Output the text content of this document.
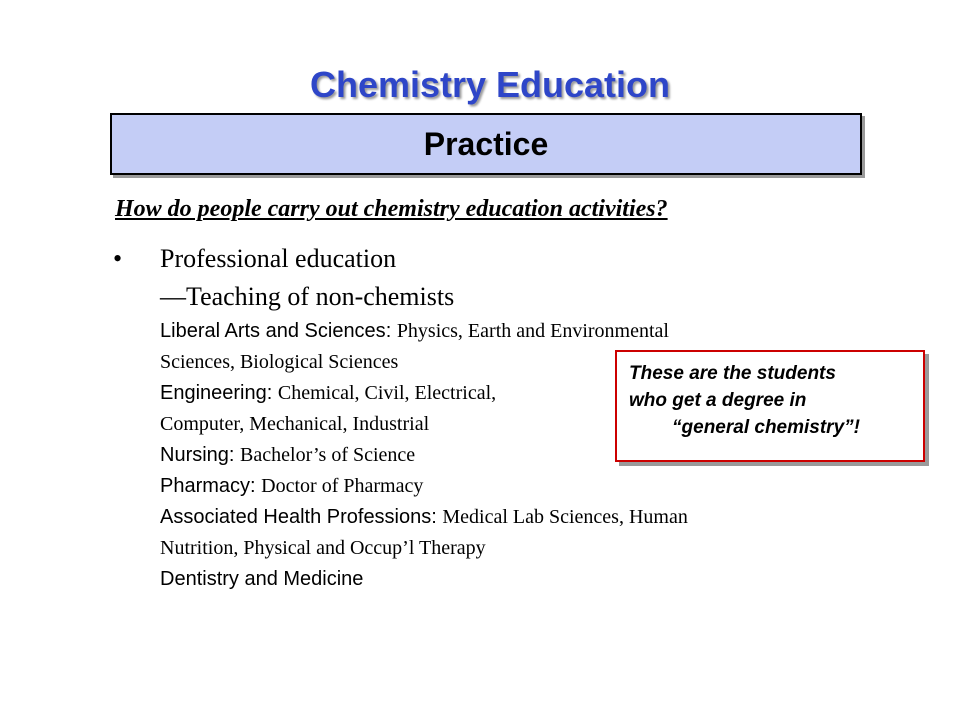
Chemistry Education
Practice
How do people carry out chemistry education activities?
• Professional education
—Teaching of non-chemists
Liberal Arts and Sciences: Physics, Earth and Environmental
Sciences, Biological Sciences
Engineering: Chemical, Civil, Electrical,
Computer, Mechanical, Industrial
Nursing: Bachelor’s of Science
Pharmacy: Doctor of Pharmacy
Associated Health Professions: Medical Lab Sciences, Human
Nutrition, Physical and Occup’l Therapy
Dentistry and Medicine
These are the students
who get a degree in
“general chemistry”!
